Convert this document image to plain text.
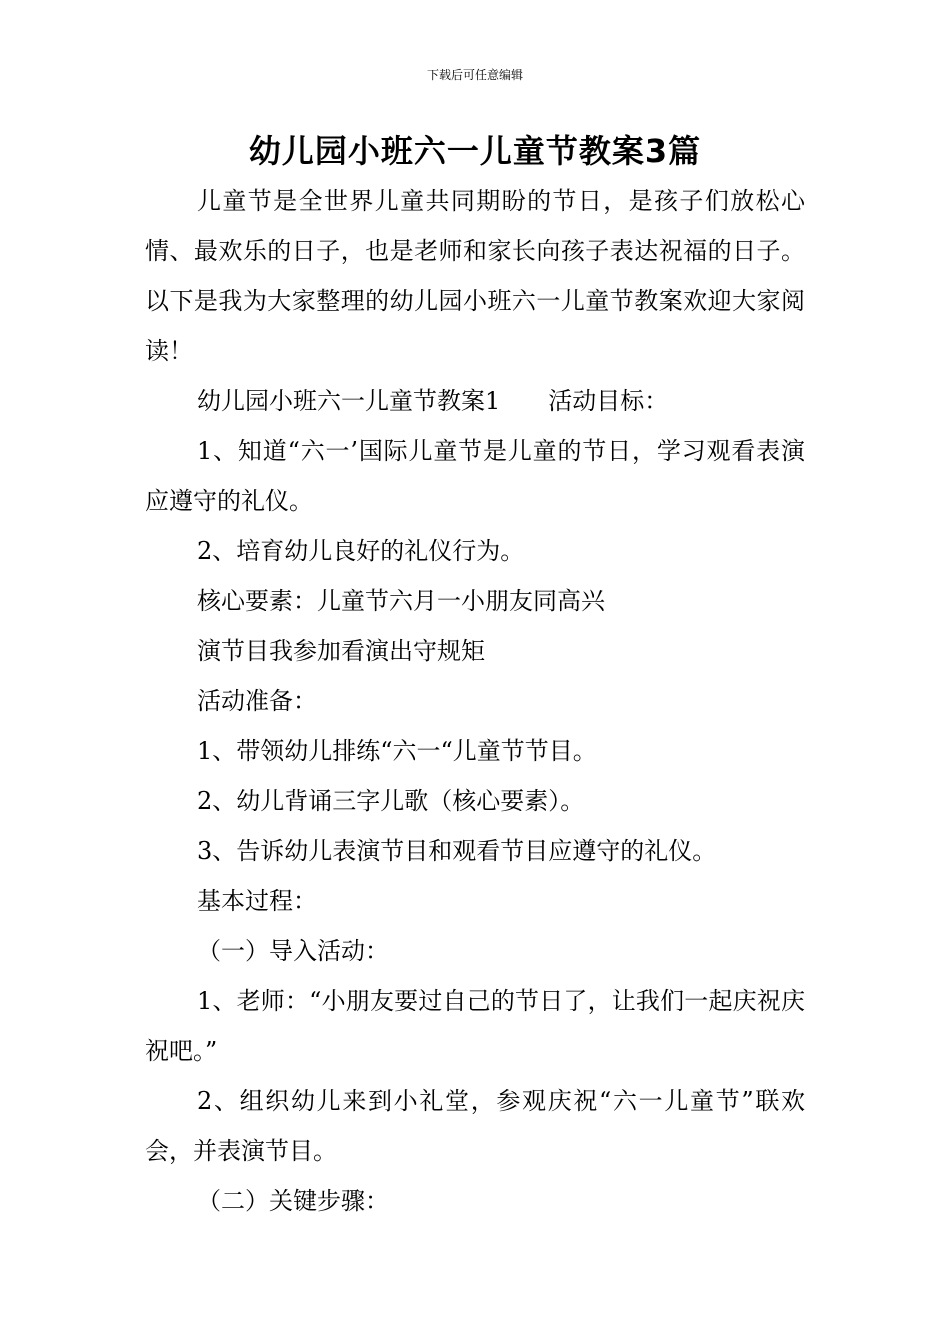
下载后可任意编辑
幼儿园小班六一儿童节教案3篇

儿童节是全世界儿童共同期盼的节日，是孩子们放松心情、最欢乐的日子，也是老师和家长向孩子表达祝福的日子。以下是我为大家整理的幼儿园小班六一儿童节教案欢迎大家阅读！

幼儿园小班六一儿童节教案1 活动目标：

1、知道“六一’国际儿童节是儿童的节日，学习观看表演应遵守的礼仪。

2、培育幼儿良好的礼仪行为。

核心要素：儿童节六月一小朋友同高兴

演节目我参加看演出守规矩

活动准备：

1、带领幼儿排练“六一“儿童节节目。

2、幼儿背诵三字儿歌（核心要素）。

3、告诉幼儿表演节目和观看节目应遵守的礼仪。

基本过程：

（一）导入活动：

1、老师：“小朋友要过自己的节日了，让我们一起庆祝庆祝吧。”

2、组织幼儿来到小礼堂，参观庆祝“六一儿童节”联欢会，并表演节目。

（二）关键步骤：
